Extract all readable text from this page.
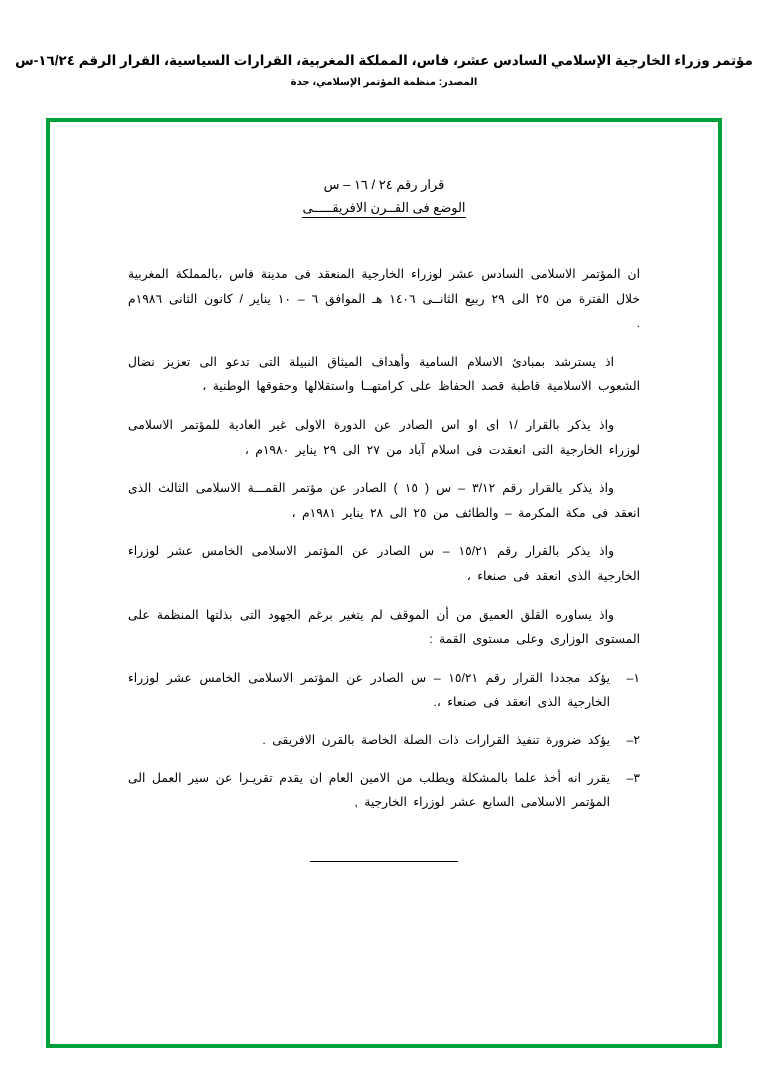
مؤتمر وزراء الخارجية الإسلامي السادس عشر، فاس، المملكة المغربية، القرارات السياسية، القرار الرقم ١٦/٢٤-س
المصدر: منظمة المؤتمر الإسلامي، جدة
قرار رقم ٢٤ / ١٦ – س
الوضع فى القــرن الافريقـــــى

ان المؤتمر الاسلامى السادس عشر لوزراء الخارجية المنعقد فى مدينة فاس ،بالمملكة المغربية خلال الفترة من ٢٥ الى ٢٩ ربيع الثانــى ١٤٠٦ هـ الموافق ٦ – ١٠ يناير / كانون الثانى ١٩٨٦م .

اذ يسترشد بمبادئ الاسلام السامية وأهداف الميثاق النبيلة التى تدعو الى تعزيز نضال الشعوب الاسلامية قاطبة قصد الحفاظ على كرامتهــا واستقلالها وحقوقها الوطنية ،

واذ يذكر بالقرار /١ اى او اس الصادر عن الدورة الاولى غير العادية للمؤتمر الاسلامى لوزراء الخارجية التى انعقدت فى اسلام آباد من ٢٧ الى ٢٩ يناير ١٩٨٠م ،

واذ يذكر بالقرار رقم ٣/١٢ – س ( ١٥ ) الصادر عن مؤتمر القمـــة الاسلامى الثالث الذى انعقد فى مكة المكرمة – والطائف من ٢٥ الى ٢٨ يناير ١٩٨١م ،

واذ يذكر بالقرار رقم ١٥/٢١ – س الصادر عن المؤتمر الاسلامى الخامس عشر لوزراء الخارجية الذى انعقد فى صنعاء ،

واذ يساوره القلق العميق من أن الموقف لم يتغير برغم الجهود التى بذلتها المنظمة على المستوى الوزارى وعلى مستوى القمة :

١–
يؤكد مجددا القرار رقم ١٥/٢١ – س الصادر عن المؤتمر الاسلامى الخامس عشر لوزراء الخارجية الذى انعقد فى صنعاء ،.
٢–
يؤكد ضرورة تنفيذ القرارات ذات الصلة الخاصة بالقرن الافريقى .
٣–
يقرر انه أخذ علما بالمشكلة ويطلب من الامين العام ان يقدم تقريـرا عن سير العمل الى المؤتمر الاسلامى السابع عشر لوزراء الخارجية ,
